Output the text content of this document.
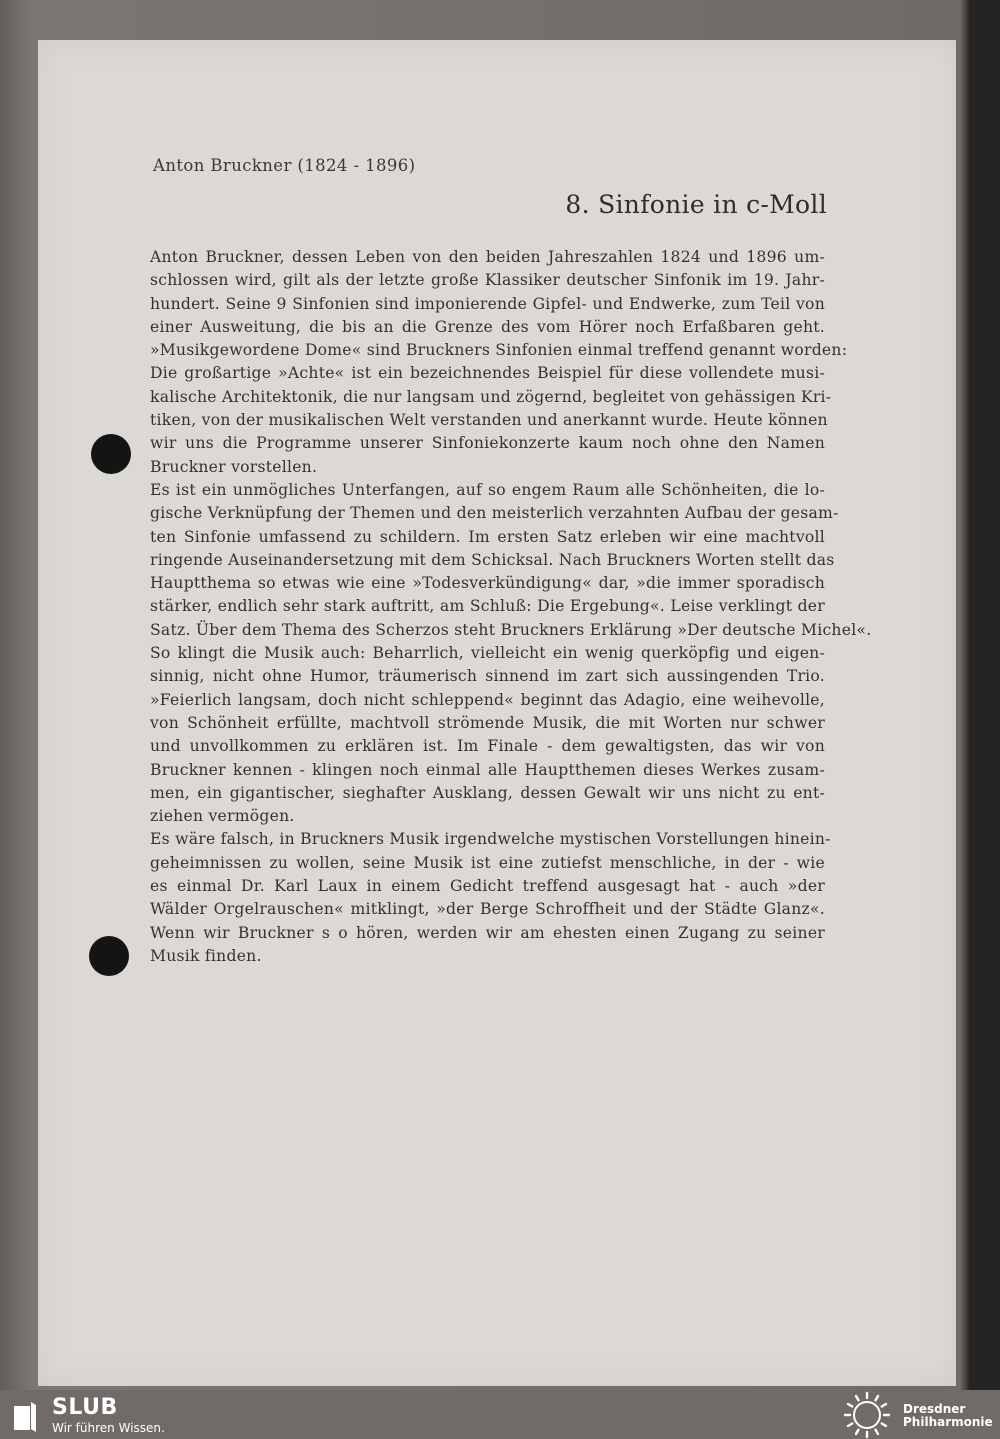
Anton Bruckner (1824 - 1896)
8. Sinfonie in c-Moll
Anton Bruckner, dessen Leben von den beiden Jahreszahlen 1824 und 1896 um-
schlossen wird, gilt als der letzte große Klassiker deutscher Sinfonik im 19. Jahr-
hundert. Seine 9 Sinfonien sind imponierende Gipfel- und Endwerke, zum Teil von
einer Ausweitung, die bis an die Grenze des vom Hörer noch Erfaßbaren geht.
»Musikgewordene Dome« sind Bruckners Sinfonien einmal treffend genannt worden:
Die großartige »Achte« ist ein bezeichnendes Beispiel für diese vollendete musi-
kalische Architektonik, die nur langsam und zögernd, begleitet von gehässigen Kri-
tiken, von der musikalischen Welt verstanden und anerkannt wurde. Heute können
wir uns die Programme unserer Sinfoniekonzerte kaum noch ohne den Namen
Bruckner vorstellen.
Es ist ein unmögliches Unterfangen, auf so engem Raum alle Schönheiten, die lo-
gische Verknüpfung der Themen und den meisterlich verzahnten Aufbau der gesam-
ten Sinfonie umfassend zu schildern. Im ersten Satz erleben wir eine machtvoll
ringende Auseinandersetzung mit dem Schicksal. Nach Bruckners Worten stellt das
Hauptthema so etwas wie eine »Todesverkündigung« dar, »die immer sporadisch
stärker, endlich sehr stark auftritt, am Schluß: Die Ergebung«. Leise verklingt der
Satz. Über dem Thema des Scherzos steht Bruckners Erklärung »Der deutsche Michel«.
So klingt die Musik auch: Beharrlich, vielleicht ein wenig querköpfig und eigen-
sinnig, nicht ohne Humor, träumerisch sinnend im zart sich aussingenden Trio.
»Feierlich langsam, doch nicht schleppend« beginnt das Adagio, eine weihevolle,
von Schönheit erfüllte, machtvoll strömende Musik, die mit Worten nur schwer
und unvollkommen zu erklären ist. Im Finale - dem gewaltigsten, das wir von
Bruckner kennen - klingen noch einmal alle Hauptthemen dieses Werkes zusam-
men, ein gigantischer, sieghafter Ausklang, dessen Gewalt wir uns nicht zu ent-
ziehen vermögen.
Es wäre falsch, in Bruckners Musik irgendwelche mystischen Vorstellungen hinein-
geheimnissen zu wollen, seine Musik ist eine zutiefst menschliche, in der - wie
es einmal Dr. Karl Laux in einem Gedicht treffend ausgesagt hat - auch »der
Wälder Orgelrauschen« mitklingt, »der Berge Schroffheit und der Städte Glanz«.
Wenn wir Bruckner s o hören, werden wir am ehesten einen Zugang zu seiner
Musik finden.
SLUB
Wir führen Wissen.
Dresdner
Philharmonie
